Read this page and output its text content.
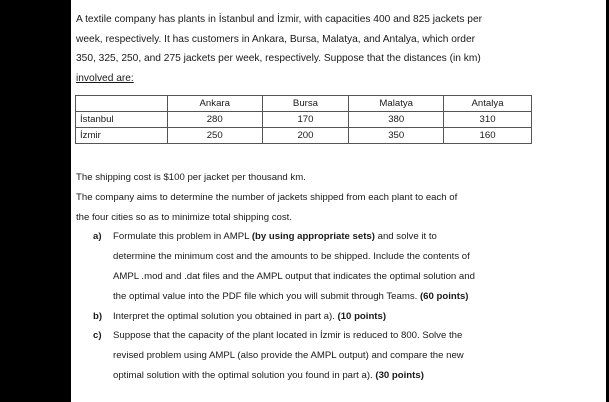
A textile company has plants in İstanbul and İzmir, with capacities 400 and 825 jackets per
week, respectively. It has customers in Ankara, Bursa, Malatya, and Antalya, which order
350, 325, 250, and 275 jackets per week, respectively. Suppose that the distances (in km)
involved are:

	Ankara	Bursa	Malatya	Antalya
İstanbul	280	170	380	310
İzmir	250	200	350	160

The shipping cost is $100 per jacket per thousand km.

The company aims to determine the number of jackets shipped from each plant to each of

the four cities so as to minimize total shipping cost.

a) Formulate this problem in AMPL (by using appropriate sets) and solve it to
determine the minimum cost and the amounts to be shipped. Include the contents of
AMPL .mod and .dat files and the AMPL output that indicates the optimal solution and
the optimal value into the PDF file which you will submit through Teams. (60 points)
b) Interpret the optimal solution you obtained in part a). (10 points)
c) Suppose that the capacity of the plant located in İzmir is reduced to 800. Solve the
revised problem using AMPL (also provide the AMPL output) and compare the new
optimal solution with the optimal solution you found in part a). (30 points)
